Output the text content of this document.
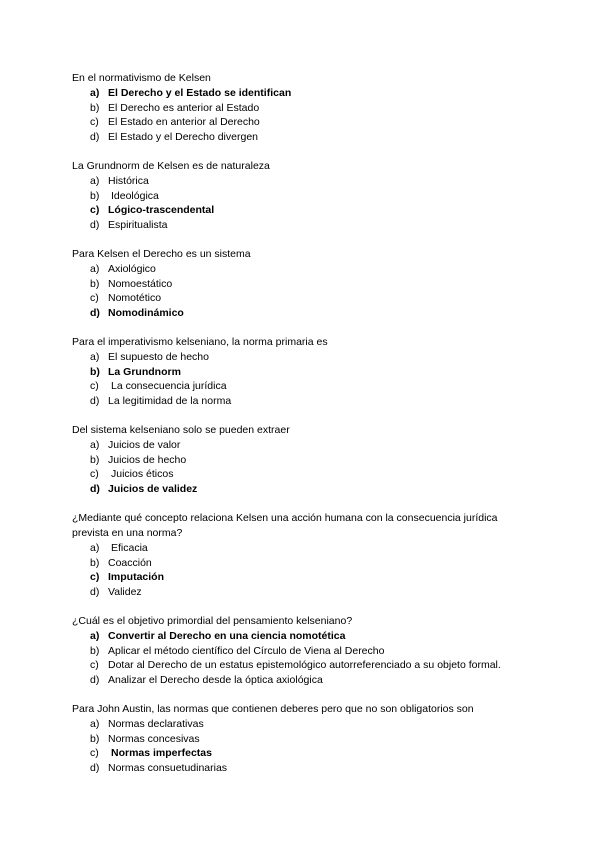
En el normativismo de Kelsen

a) El Derecho y el Estado se identifican
b) El Derecho es anterior al Estado
c) El Estado en anterior al Derecho
d) El Estado y el Derecho divergen

La Grundnorm de Kelsen es de naturaleza

a) Histórica
b) Ideológica
c) Lógico-trascendental
d) Espiritualista

Para Kelsen el Derecho es un sistema

a) Axiológico
b) Nomoestático
c) Nomotético
d) Nomodinámico

Para el imperativismo kelseniano, la norma primaria es

a) El supuesto de hecho
b) La Grundnorm
c) La consecuencia jurídica
d) La legitimidad de la norma

Del sistema kelseniano solo se pueden extraer

a) Juicios de valor
b) Juicios de hecho
c) Juicios éticos
d) Juicios de validez

¿Mediante qué concepto relaciona Kelsen una acción humana con la consecuencia jurídica
prevista en una norma?

a) Eficacia
b) Coacción
c) Imputación
d) Validez

¿Cuál es el objetivo primordial del pensamiento kelseniano?

a) Convertir al Derecho en una ciencia nomotética
b) Aplicar el método científico del Círculo de Viena al Derecho
c) Dotar al Derecho de un estatus epistemológico autorreferenciado a su objeto formal.
d) Analizar el Derecho desde la óptica axiológica

Para John Austin, las normas que contienen deberes pero que no son obligatorios son

a) Normas declarativas
b) Normas concesivas
c) Normas imperfectas
d) Normas consuetudinarias
